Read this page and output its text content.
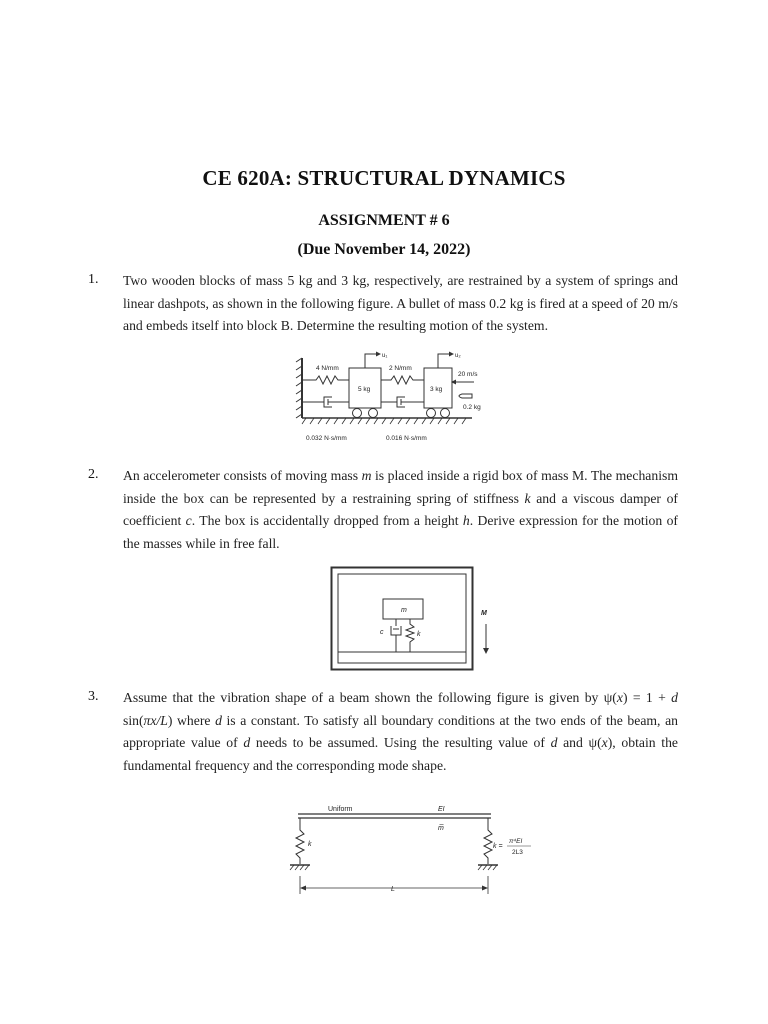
CE 620A: STRUCTURAL DYNAMICS
ASSIGNMENT # 6
(Due November 14, 2022)
1. Two wooden blocks of mass 5 kg and 3 kg, respectively, are restrained by a system of springs and linear dashpots, as shown in the following figure. A bullet of mass 0.2 kg is fired at a speed of 20 m/s and embeds itself into block B. Determine the resulting motion of the system.
4 N/mm	2 N/mm
5 kg	3 kg
u₁	u₂
20 m/s
0.2 kg
0.032 N·s/mm	0.016 N·s/mm
2. An accelerometer consists of moving mass m is placed inside a rigid box of mass M. The mechanism inside the box can be represented by a restraining spring of stiffness k and a viscous damper of coefficient c. The box is accidentally dropped from a height h. Derive expression for the motion of the masses while in free fall.
m
c	k
M
3. Assume that the vibration shape of a beam shown the following figure is given by ψ(x) = 1 + d sin(πx/L) where d is a constant. To satisfy all boundary conditions at the two ends of the beam, an appropriate value of d needs to be assumed. Using the resulting value of d and ψ(x), obtain the fundamental frequency and the corresponding mode shape.
Uniform	EI
m̅
k	k =
π⁴EI
2L3
L
